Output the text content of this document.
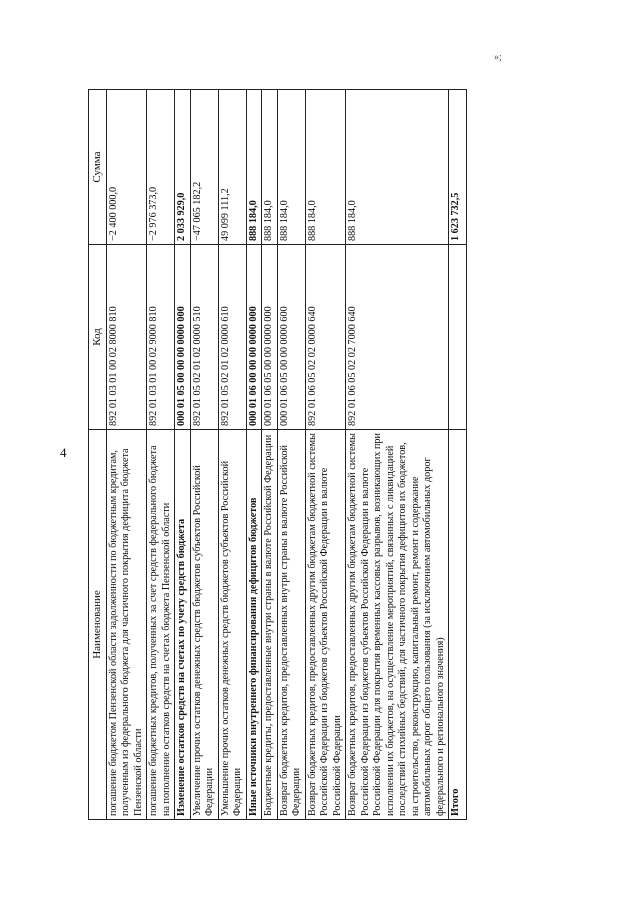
4
»;
Наименование	Код	Сумма
погашение бюджетом Пензенской области задолженности по бюджетным кредитам, полученным из федерального бюджета для частичного покрытия дефицита бюджета Пензенской области	892 01 03 01 00 02 8000 810	−2 400 000,0
погашение бюджетных кредитов, полученных за счет средств федерального бюджета на пополнение остатков средств на счетах бюджета Пензенской области	892 01 03 01 00 02 9000 810	−2 976 373,0
Изменение остатков средств на счетах по учету средств бюджета	000 01 05 00 00 00 0000 000	2 033 929,0
Увеличение прочих остатков денежных средств бюджетов субъектов Российской Федерации	892 01 05 02 01 02 0000 510	−47 065 182,2
Уменьшение прочих остатков денежных средств бюджетов субъектов Российской Федерации	892 01 05 02 01 02 0000 610	49 099 111,2
Иные источники внутреннего финансирования дефицитов бюджетов	000 01 06 00 00 00 0000 000	888 184,0
Бюджетные кредиты, предоставленные внутри страны в валюте Российской Федерации	000 01 06 05 00 00 0000 000	888 184,0
Возврат бюджетных кредитов, предоставленных внутри страны в валюте Российской Федерации	000 01 06 05 00 00 0000 600	888 184,0
Возврат бюджетных кредитов, предоставленных другим бюджетам бюджетной системы Российской Федерации из бюджетов субъектов Российской Федерации в валюте Российской Федерации	892 01 06 05 02 02 0000 640	888 184,0
Возврат бюджетных кредитов, предоставленных другим бюджетам бюджетной системы Российской Федерации из бюджетов субъектов Российской Федерации в валюте Российской Федерации для покрытия временных кассовых разрывов, возникающих при исполнении их бюджетов, на осуществление мероприятий, связанных с ликвидацией последствий стихийных бедствий, для частичного покрытия дефицитов их бюджетов, на строительство, реконструкцию, капитальный ремонт, ремонт и содержание автомобильных дорог общего пользования (за исключением автомобильных дорог федерального и регионального значения)	892 01 06 05 02 02 7000 640	888 184,0
Итого		1 623 732,5
